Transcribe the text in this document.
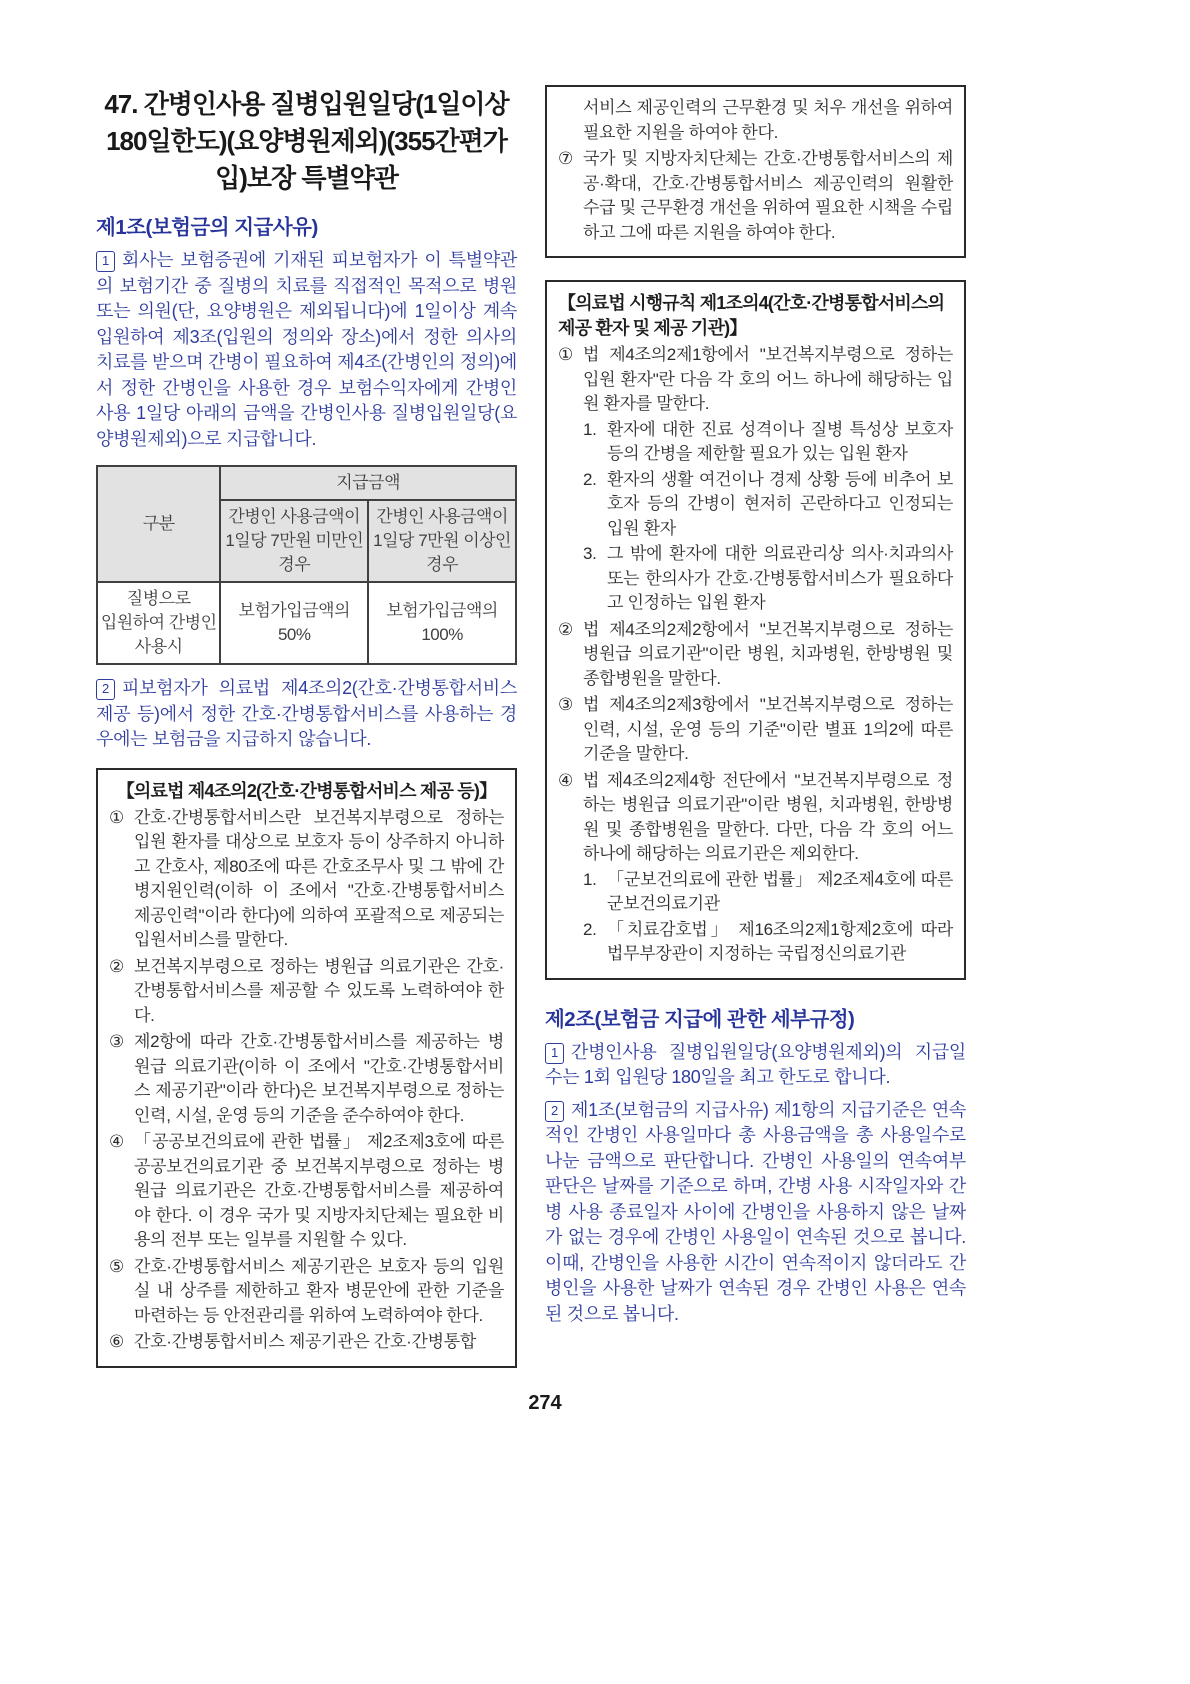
47. 간병인사용 질병입원일당(1일이상 180일한도)(요양병원제외)(355간편가입)보장 특별약관
제1조(보험금의 지급사유)
1 회사는 보험증권에 기재된 피보험자가 이 특별약관의 보험기간 중 질병의 치료를 직접적인 목적으로 병원 또는 의원(단, 요양병원은 제외됩니다)에 1일이상 계속 입원하여 제3조(입원의 정의와 장소)에서 정한 의사의 치료를 받으며 간병이 필요하여 제4조(간병인의 정의)에서 정한 간병인을 사용한 경우 보험수익자에게 간병인 사용 1일당 아래의 금액을 간병인사용 질병입원일당(요양병원제외)으로 지급합니다.
구분	지급금액	
	간병인 사용금액이 1일당 7만원 미만인 경우	간병인 사용금액이 1일당 7만원 이상인 경우
질병으로 입원하여 간병인 사용시	보험가입금액의 50%	보험가입금액의 100%
2 피보험자가 의료법 제4조의2(간호·간병통합서비스 제공 등)에서 정한 간호·간병통합서비스를 사용하는 경우에는 보험금을 지급하지 않습니다.
【의료법 제4조의2(간호·간병통합서비스 제공 등)】
① 간호·간병통합서비스란 보건복지부령으로 정하는 입원 환자를 대상으로 보호자 등이 상주하지 아니하고 간호사, 제80조에 따른 간호조무사 및 그 밖에 간병지원인력(이하 이 조에서 "간호·간병통합서비스 제공인력"이라 한다)에 의하여 포괄적으로 제공되는 입원서비스를 말한다.
② 보건복지부령으로 정하는 병원급 의료기관은 간호·간병통합서비스를 제공할 수 있도록 노력하여야 한다.
③ 제2항에 따라 간호·간병통합서비스를 제공하는 병원급 의료기관(이하 이 조에서 "간호·간병통합서비스 제공기관"이라 한다)은 보건복지부령으로 정하는 인력, 시설, 운영 등의 기준을 준수하여야 한다.
④ 「공공보건의료에 관한 법률」 제2조제3호에 따른 공공보건의료기관 중 보건복지부령으로 정하는 병원급 의료기관은 간호·간병통합서비스를 제공하여야 한다. 이 경우 국가 및 지방자치단체는 필요한 비용의 전부 또는 일부를 지원할 수 있다.
⑤ 간호·간병통합서비스 제공기관은 보호자 등의 입원실 내 상주를 제한하고 환자 병문안에 관한 기준을 마련하는 등 안전관리를 위하여 노력하여야 한다.
⑥ 간호·간병통합서비스 제공기관은 간호·간병통합
서비스 제공인력의 근무환경 및 처우 개선을 위하여 필요한 지원을 하여야 한다.
⑦ 국가 및 지방자치단체는 간호·간병통합서비스의 제공·확대, 간호·간병통합서비스 제공인력의 원활한 수급 및 근무환경 개선을 위하여 필요한 시책을 수립하고 그에 따른 지원을 하여야 한다.
【의료법 시행규칙 제1조의4(간호·간병통합서비스의 제공 환자 및 제공 기관)】
① 법 제4조의2제1항에서 "보건복지부령으로 정하는 입원 환자"란 다음 각 호의 어느 하나에 해당하는 입원 환자를 말한다.
1. 환자에 대한 진료 성격이나 질병 특성상 보호자 등의 간병을 제한할 필요가 있는 입원 환자
2. 환자의 생활 여건이나 경제 상황 등에 비추어 보호자 등의 간병이 현저히 곤란하다고 인정되는 입원 환자
3. 그 밖에 환자에 대한 의료관리상 의사·치과의사 또는 한의사가 간호·간병통합서비스가 필요하다고 인정하는 입원 환자
② 법 제4조의2제2항에서 "보건복지부령으로 정하는 병원급 의료기관"이란 병원, 치과병원, 한방병원 및 종합병원을 말한다.
③ 법 제4조의2제3항에서 "보건복지부령으로 정하는 인력, 시설, 운영 등의 기준"이란 별표 1의2에 따른 기준을 말한다.
④ 법 제4조의2제4항 전단에서 "보건복지부령으로 정하는 병원급 의료기관"이란 병원, 치과병원, 한방병원 및 종합병원을 말한다. 다만, 다음 각 호의 어느 하나에 해당하는 의료기관은 제외한다.
1. 「군보건의료에 관한 법률」 제2조제4호에 따른 군보건의료기관
2. 「치료감호법」 제16조의2제1항제2호에 따라 법무부장관이 지정하는 국립정신의료기관
제2조(보험금 지급에 관한 세부규정)
1 간병인사용 질병입원일당(요양병원제외)의 지급일수는 1회 입원당 180일을 최고 한도로 합니다.
2 제1조(보험금의 지급사유) 제1항의 지급기준은 연속적인 간병인 사용일마다 총 사용금액을 총 사용일수로 나눈 금액으로 판단합니다. 간병인 사용일의 연속여부 판단은 날짜를 기준으로 하며, 간병 사용 시작일자와 간병 사용 종료일자 사이에 간병인을 사용하지 않은 날짜가 없는 경우에 간병인 사용일이 연속된 것으로 봅니다. 이때, 간병인을 사용한 시간이 연속적이지 않더라도 간병인을 사용한 날짜가 연속된 경우 간병인 사용은 연속된 것으로 봅니다.
274
